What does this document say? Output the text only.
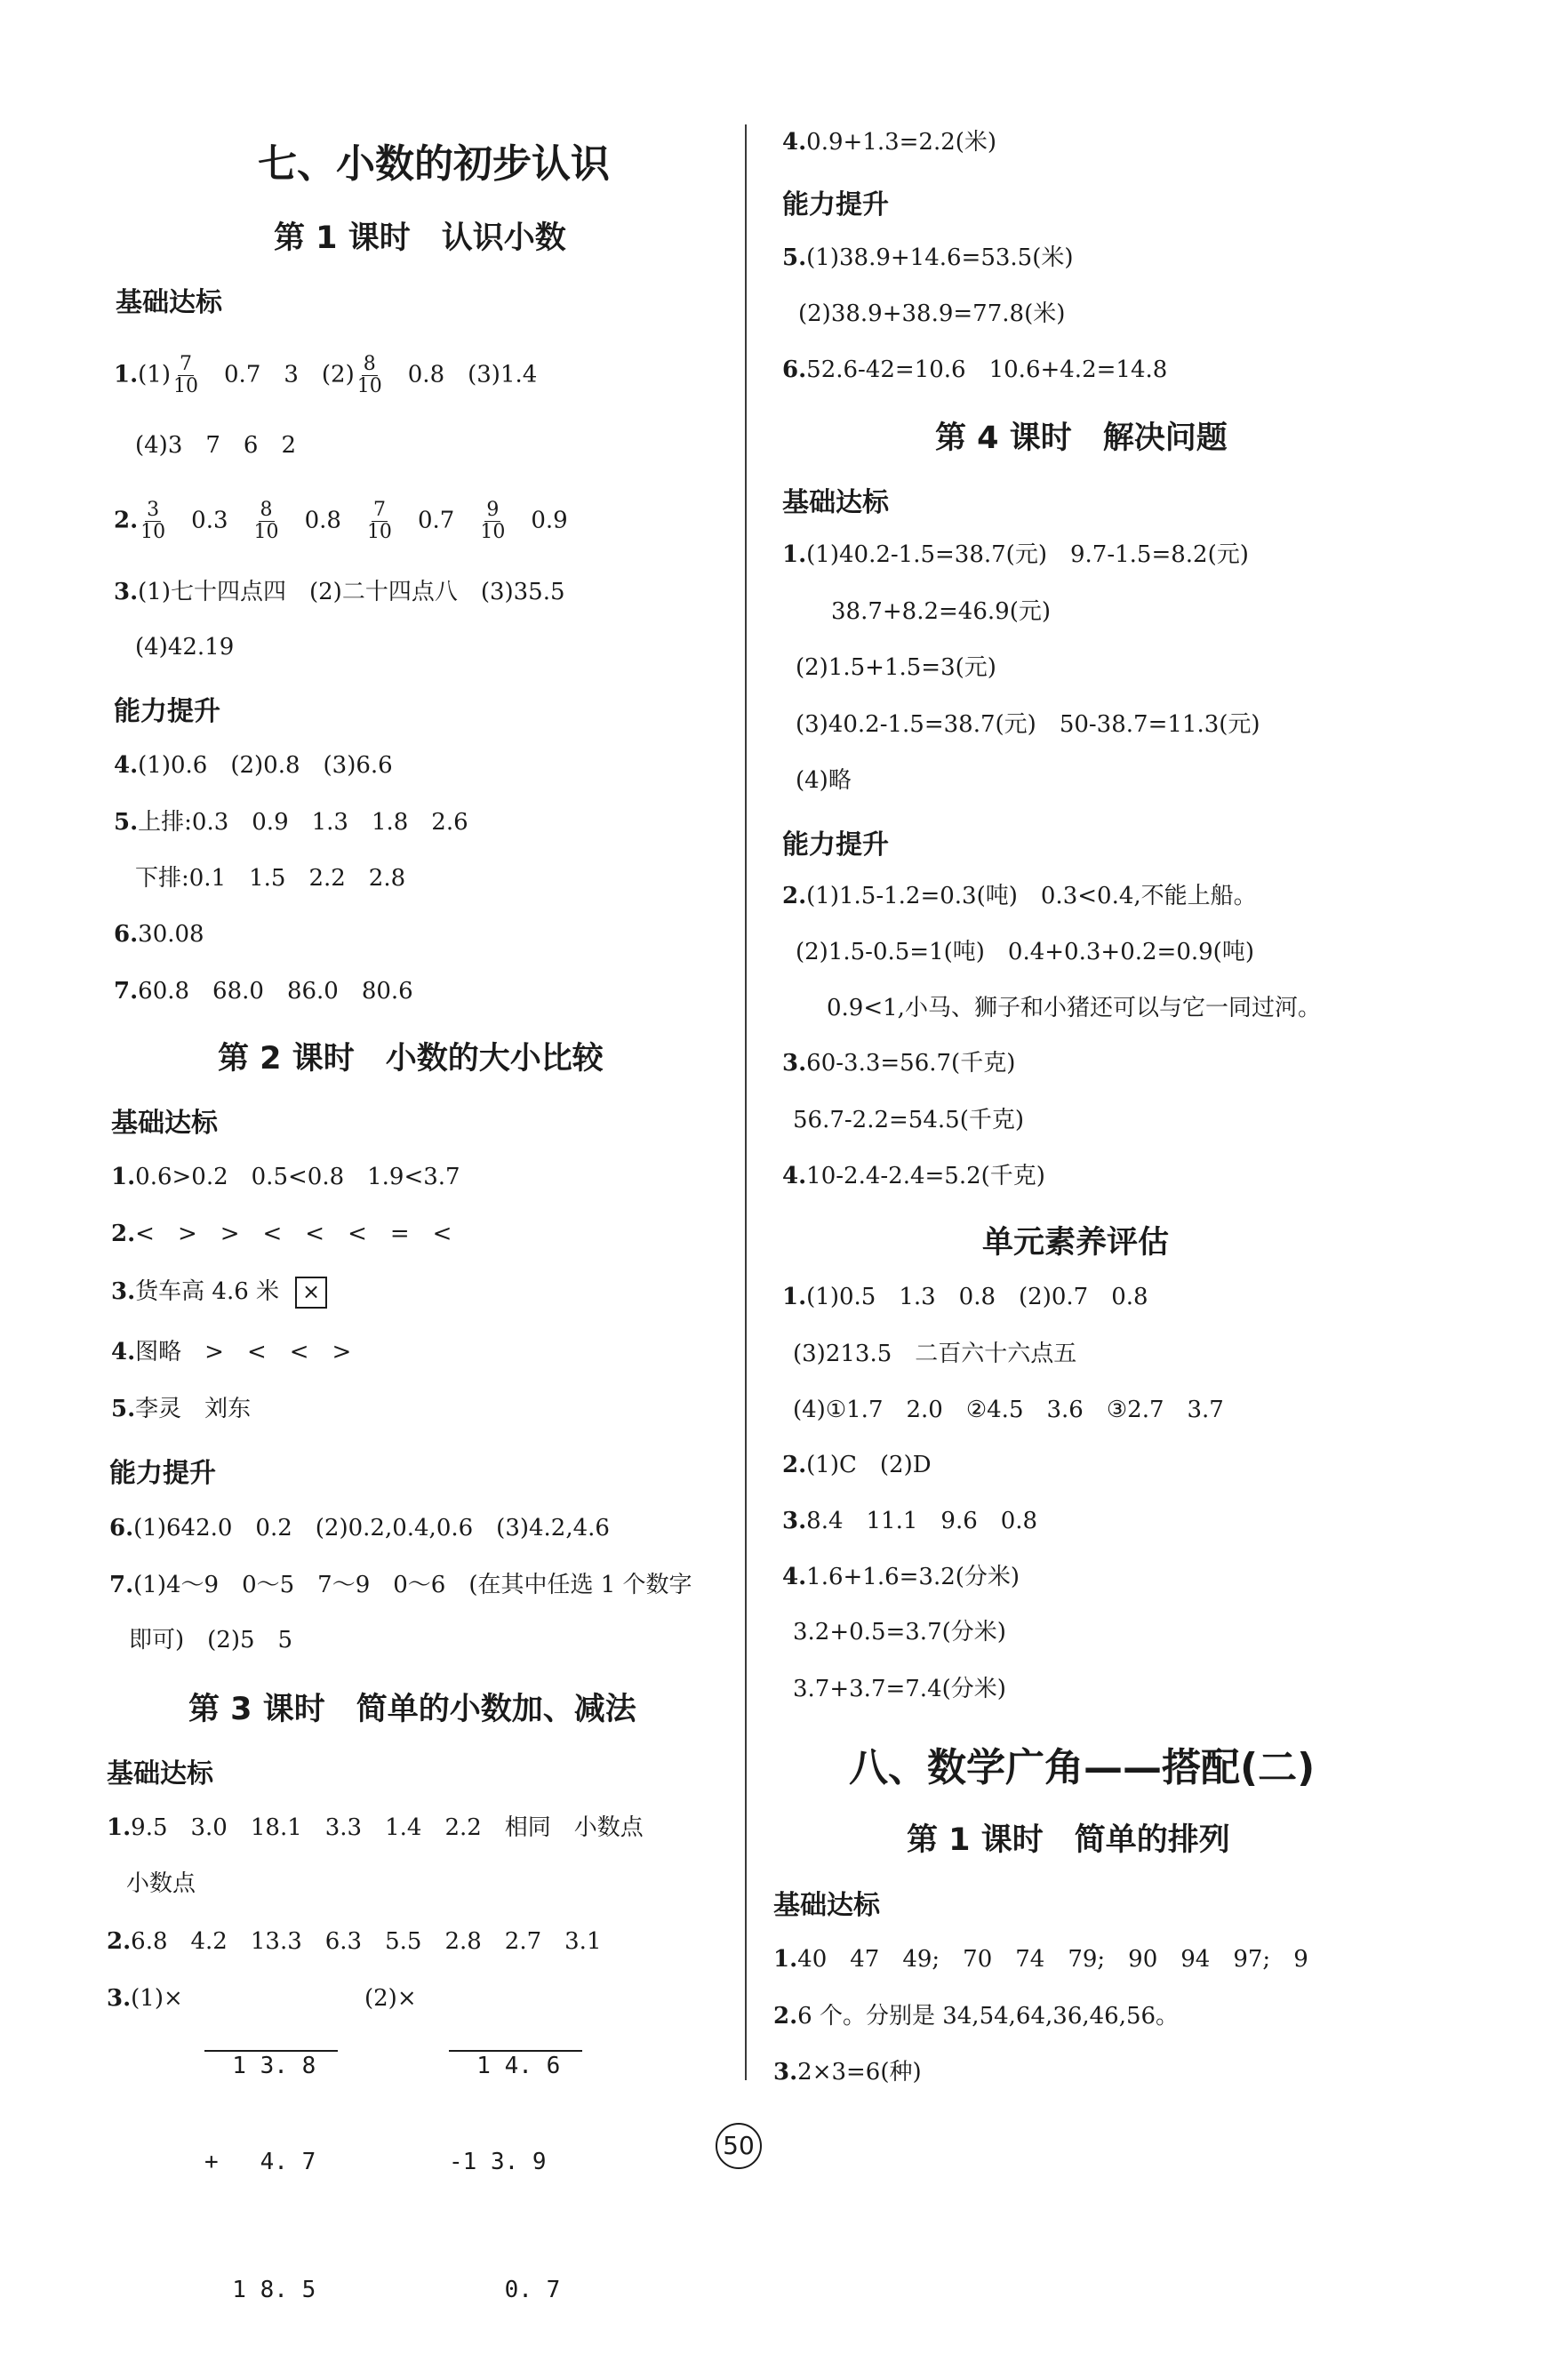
七、小数的初步认识
第 1 课时　认识小数
基础达标
$1.(1) \frac{7}{10}$
　 0.7　3　$(2) \frac{8}{10}$
　 0.8　(3)1.4
(4)3　7　6　2
2. $\frac{3}{10}$
　 0.3　 $\frac{8}{10}$
　 0.8　 $\frac{7}{10}$
　 0.7　 $\frac{9}{10}$
　 0.9
3.(1)七十四点四　(2)二十四点八　(3)35.5
(4)42.19
能力提升
4.(1)0.6　(2)0.8　(3)6.6
5.上排:0.3　0.9　1.3　1.8　2.6
下排:0.1　1.5　2.2　2.8
6.30.08
7.60.8　68.0　86.0　80.6
第 2 课时　小数的大小比较
基础达标
1.0.6>0.2　0.5<0.8　1.9<3.7
2.<　>　>　<　<　<　=　<
3.货车高 4.6 米 ×
4.图略　>　<　<　>
5.李灵　刘东
能力提升
6.(1)642.0　0.2　(2)0.2,0.4,0.6　(3)4.2,4.6
7.(1)4～9　0～5　7～9　0～6　(在其中任选 1 个数字
即可)　(2)5　5
第 3 课时　简单的小数加、减法
基础达标
1.9.5　3.0　18.1　3.3　1.4　2.2　相同　小数点
小数点
2.6.8　4.2　13.3　6.3　5.5　2.8　2.7　3.1
3.(1)×

1 3. 8

+   4. 7

1 8. 5

(2)×

1 4. 6

-1 3. 9

0. 7

4.0.9+1.3=2.2(米)
能力提升
5.(1)38.9+14.6=53.5(米)
(2)38.9+38.9=77.8(米)
6.52.6-42=10.6　10.6+4.2=14.8
第 4 课时　解决问题
基础达标
1.(1)40.2-1.5=38.7(元)　9.7-1.5=8.2(元)
38.7+8.2=46.9(元)
(2)1.5+1.5=3(元)
(3)40.2-1.5=38.7(元)　50-38.7=11.3(元)
(4)略
能力提升
2.(1)1.5-1.2=0.3(吨)　0.3<0.4,不能上船。
(2)1.5-0.5=1(吨)　0.4+0.3+0.2=0.9(吨)
0.9<1,小马、狮子和小猪还可以与它一同过河。
3.60-3.3=56.7(千克)
56.7-2.2=54.5(千克)
4.10-2.4-2.4=5.2(千克)
单元素养评估
1.(1)0.5　1.3　0.8　(2)0.7　0.8
(3)213.5　二百六十六点五
(4)①1.7　2.0　②4.5　3.6　③2.7　3.7
2.(1)C　(2)D
3.8.4　11.1　9.6　0.8
4.1.6+1.6=3.2(分米)
3.2+0.5=3.7(分米)
3.7+3.7=7.4(分米)
八、数学广角——搭配(二)
第 1 课时　简单的排列
基础达标
1.40　47　49;　70　74　79;　90　94　97;　9
2.6 个。分别是 34,54,64,36,46,56。
3.2×3=6(种)
50
